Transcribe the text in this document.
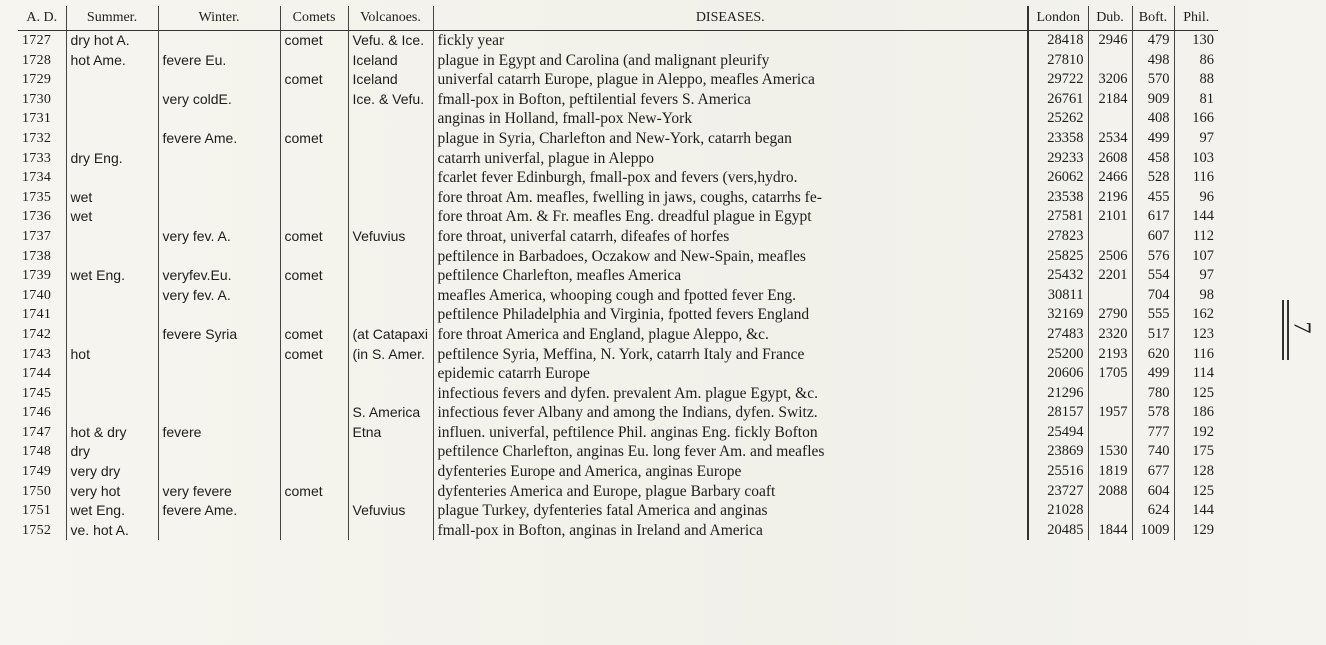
A. D.	Summer.	Winter.	Comets	Volcanoes.	DISEASES.	London	Dub.	Boft.	Phil.
1727	dry hot A.		comet	Vefu. & Ice.	fickly year	28418	2946	479	130
1728	hot Ame.	fevere Eu.		Iceland	plague in Egypt and Carolina (and malignant pleurify	27810		498	86
1729			comet	Iceland	univerfal catarrh Europe, plague in Aleppo, meafles America	29722	3206	570	88
1730		very coldE.		Ice. & Vefu.	fmall-pox in Bofton, peftilential fevers S. America	26761	2184	909	81
1731					anginas in Holland, fmall-pox New-York	25262		408	166
1732		fevere Ame.	comet		plague in Syria, Charlefton and New-York, catarrh began	23358	2534	499	97
1733	dry Eng.				catarrh univerfal, plague in Aleppo	29233	2608	458	103
1734					fcarlet fever Edinburgh, fmall-pox and fevers (vers,hydro.	26062	2466	528	116
1735	wet				fore throat Am. meafles, fwelling in jaws, coughs, catarrhs fe-	23538	2196	455	96
1736	wet				fore throat Am. & Fr. meafles Eng. dreadful plague in Egypt	27581	2101	617	144
1737		very fev. A.	comet	Vefuvius	fore throat, univerfal catarrh, difeafes of horfes	27823		607	112
1738					peftilence in Barbadoes, Oczakow and New-Spain, meafles	25825	2506	576	107
1739	wet Eng.	veryfev.Eu.	comet		peftilence Charlefton, meafles America	25432	2201	554	97
1740		very fev. A.			meafles America, whooping cough and fpotted fever Eng.	30811		704	98
1741					peftilence Philadelphia and Virginia, fpotted fevers England	32169	2790	555	162
1742		fevere Syria	comet	(at Catapaxi	fore throat America and England, plague Aleppo, &c.	27483	2320	517	123
1743	hot		comet	(in S. Amer.	peftilence Syria, Meffina, N. York, catarrh Italy and France	25200	2193	620	116
1744					epidemic catarrh Europe	20606	1705	499	114
1745					infectious fevers and dyfen. prevalent Am. plague Egypt, &c.	21296		780	125
1746				S. America	infectious fever Albany and among the Indians, dyfen. Switz.	28157	1957	578	186
1747	hot & dry	fevere		Etna	influen. univerfal, peftilence Phil. anginas Eng. fickly Bofton	25494		777	192
1748	dry				peftilence Charlefton, anginas Eu. long fever Am. and meafles	23869	1530	740	175
1749	very dry				dyfenteries Europe and America, anginas Europe	25516	1819	677	128
1750	very hot	very fevere	comet		dyfenteries America and Europe, plague Barbary coaft	23727	2088	604	125
1751	wet Eng.	fevere Ame.		Vefuvius	plague Turkey, dyfenteries fatal America and anginas	21028		624	144
1752	ve. hot A.				fmall-pox in Bofton, anginas in Ireland and America	20485	1844	1009	129
7
